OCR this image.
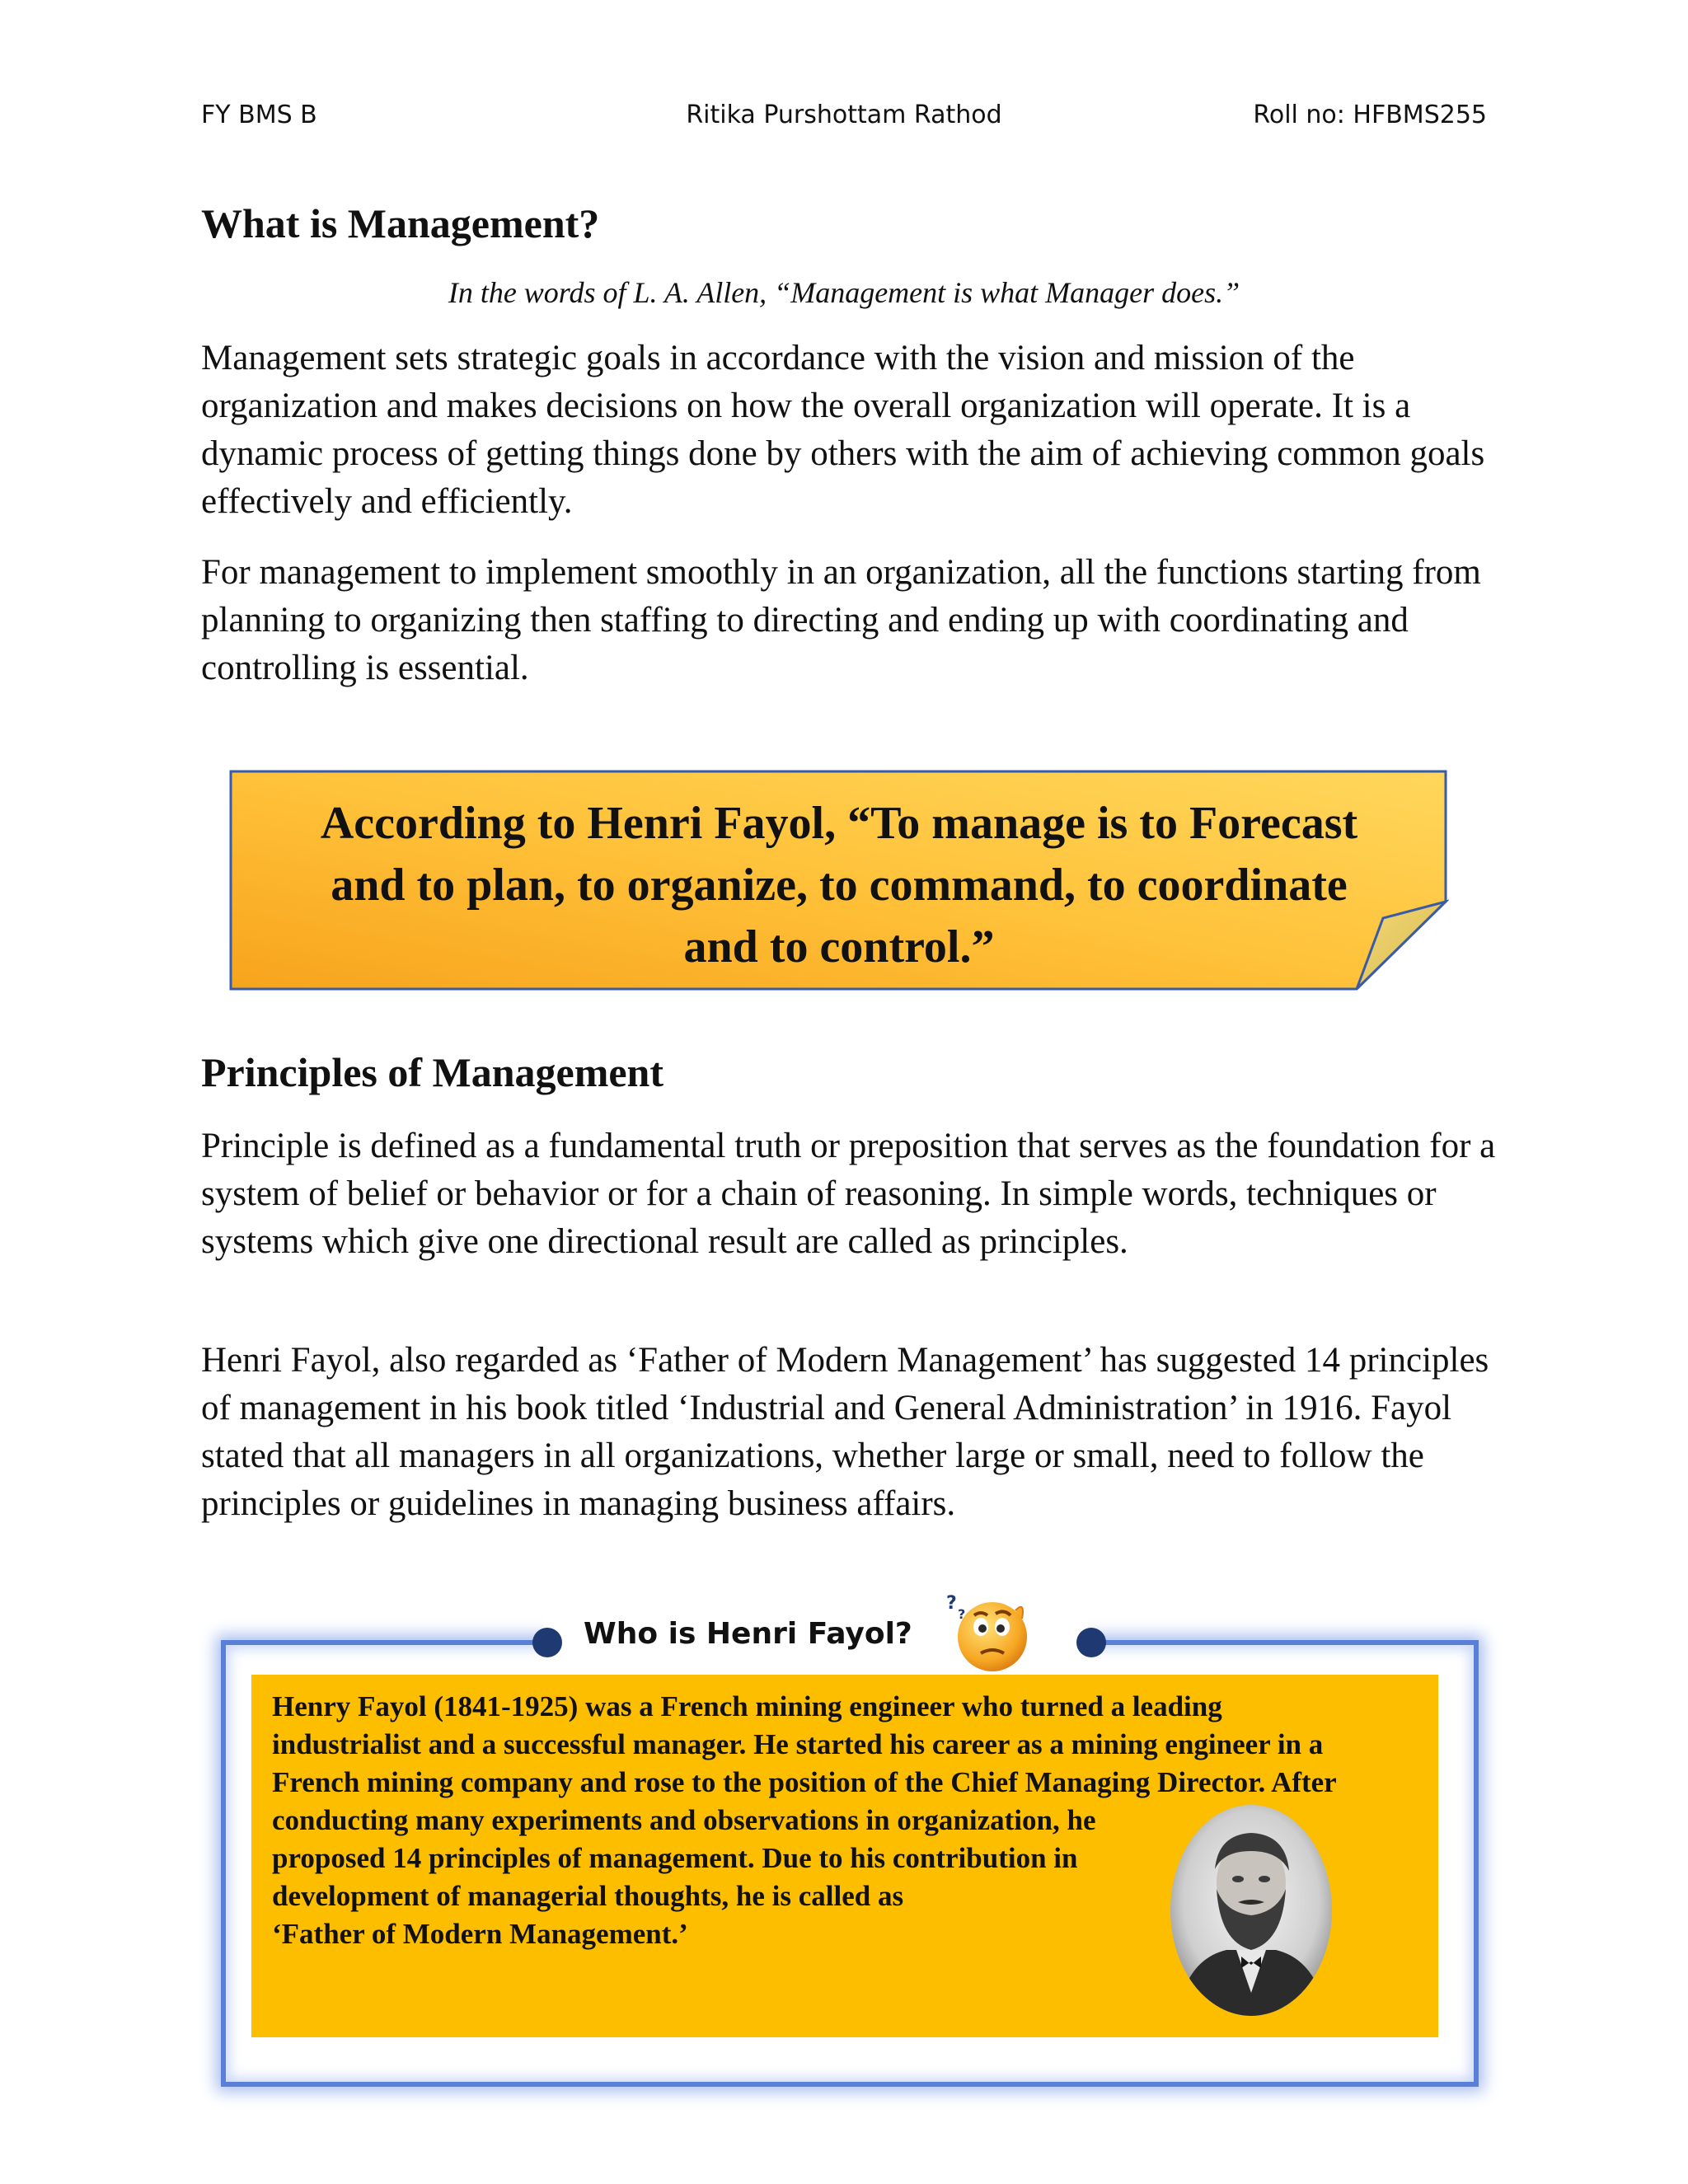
FY BMS B	Ritika Purshottam Rathod	Roll no: HFBMS255
What is Management?
In the words of L. A. Allen, “Management is what Manager does.”

Management sets strategic goals in accordance with the vision and mission of the organization and makes decisions on how the overall organization will operate. It is a dynamic process of getting things done by others with the aim of achieving common goals effectively and efficiently.

For management to implement smoothly in an organization, all the functions starting from planning to organizing then staffing to directing and ending up with coordinating and controlling is essential.

According to Henri Fayol, “To manage is to Forecast
and to plan, to organize, to command, to coordinate
and to control.”
Principles of Management

Principle is defined as a fundamental truth or preposition that serves as the foundation for a system of belief or behavior or for a chain of reasoning. In simple words, techniques or systems which give one directional result are called as principles.

Henri Fayol, also regarded as ‘Father of Modern Management’ has suggested 14 principles of management in his book titled ‘Industrial and General Administration’ in 1916. Fayol stated that all managers in all organizations, whether large or small, need to follow the principles or guidelines in managing business affairs.

Who is Henri Fayol?
?
?
Henry Fayol (1841-1925) was a French mining engineer who turned a leading
industrialist and a successful manager. He started his career as a mining engineer in a
French mining company and rose to the position of the Chief Managing Director. After
conducting many experiments and observations in organization, he
proposed 14 principles of management. Due to his contribution in
development of managerial thoughts, he is called as
‘Father of Modern Management.’
